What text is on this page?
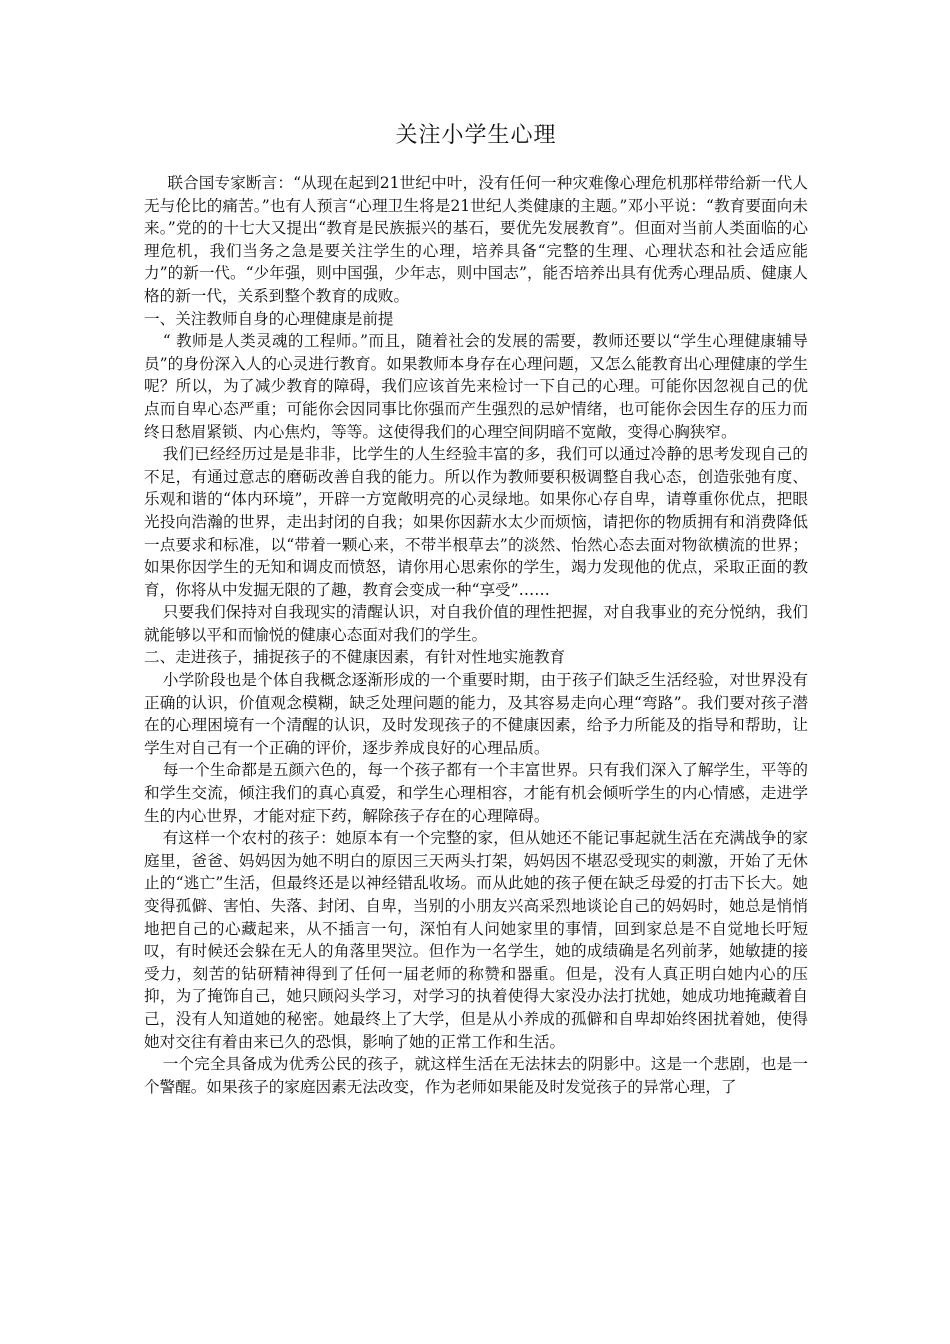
关注小学生心理

联合国专家断言：“从现在起到21世纪中叶，没有任何一种灾难像心理危机那样带给新一代人无与伦比的痛苦。”也有人预言“心理卫生将是21世纪人类健康的主题。”邓小平说：“教育要面向未来。”党的的十七大又提出“教育是民族振兴的基石，要优先发展教育”。但面对当前人类面临的心理危机，我们当务之急是要关注学生的心理，培养具备“完整的生理、心理状态和社会适应能力”的新一代。“少年强，则中国强，少年志，则中国志”，能否培养出具有优秀心理品质、健康人格的新一代，关系到整个教育的成败。

一、关注教师自身的心理健康是前提

“ 教师是人类灵魂的工程师。”而且，随着社会的发展的需要，教师还要以“学生心理健康辅导员”的身份深入人的心灵进行教育。如果教师本身存在心理问题，又怎么能教育出心理健康的学生呢？所以，为了减少教育的障碍，我们应该首先来检讨一下自己的心理。可能你因忽视自己的优点而自卑心态严重；可能你会因同事比你强而产生强烈的忌妒情绪，也可能你会因生存的压力而终日愁眉紧锁、内心焦灼，等等。这使得我们的心理空间阴暗不宽敞，变得心胸狭窄。

我们已经经历过是是非非，比学生的人生经验丰富的多，我们可以通过冷静的思考发现自己的不足，有通过意志的磨砺改善自我的能力。所以作为教师要积极调整自我心态，创造张弛有度、乐观和谐的“体内环境”，开辟一方宽敞明亮的心灵绿地。如果你心存自卑，请尊重你优点，把眼光投向浩瀚的世界，走出封闭的自我；如果你因薪水太少而烦恼，请把你的物质拥有和消费降低一点要求和标准，以“带着一颗心来，不带半根草去”的淡然、怡然心态去面对物欲横流的世界；如果你因学生的无知和调皮而愤怒，请你用心思索你的学生，竭力发现他的优点，采取正面的教育，你将从中发掘无限的了趣，教育会变成一种“享受”……

只要我们保持对自我现实的清醒认识，对自我价值的理性把握，对自我事业的充分悦纳，我们就能够以平和而愉悦的健康心态面对我们的学生。

二、走进孩子，捕捉孩子的不健康因素，有针对性地实施教育

小学阶段也是个体自我概念逐渐形成的一个重要时期，由于孩子们缺乏生活经验，对世界没有正确的认识，价值观念模糊，缺乏处理问题的能力，及其容易走向心理“弯路”。我们要对孩子潜在的心理困境有一个清醒的认识，及时发现孩子的不健康因素，给予力所能及的指导和帮助，让学生对自己有一个正确的评价，逐步养成良好的心理品质。

每一个生命都是五颜六色的，每一个孩子都有一个丰富世界。只有我们深入了解学生，平等的和学生交流，倾注我们的真心真爱，和学生心理相容，才能有机会倾听学生的内心情感，走进学生的内心世界，才能对症下药，解除孩子存在的心理障碍。

有这样一个农村的孩子：她原本有一个完整的家，但从她还不能记事起就生活在充满战争的家庭里，爸爸、妈妈因为她不明白的原因三天两头打架，妈妈因不堪忍受现实的刺激，开始了无休止的“逃亡”生活，但最终还是以神经错乱收场。而从此她的孩子便在缺乏母爱的打击下长大。她变得孤僻、害怕、失落、封闭、自卑，当别的小朋友兴高采烈地谈论自己的妈妈时，她总是悄悄地把自己的心藏起来，从不插言一句，深怕有人问她家里的事情，回到家总是不自觉地长吁短叹，有时候还会躲在无人的角落里哭泣。但作为一名学生，她的成绩确是名列前茅，她敏捷的接受力，刻苦的钻研精神得到了任何一届老师的称赞和器重。但是，没有人真正明白她内心的压抑，为了掩饰自己，她只顾闷头学习，对学习的执着使得大家没办法打扰她，她成功地掩藏着自己，没有人知道她的秘密。她最终上了大学，但是从小养成的孤僻和自卑却始终困扰着她，使得她对交往有着由来已久的恐惧，影响了她的正常工作和生活。

一个完全具备成为优秀公民的孩子，就这样生活在无法抹去的阴影中。这是一个悲剧，也是一个警醒。如果孩子的家庭因素无法改变，作为老师如果能及时发觉孩子的异常心理，了
